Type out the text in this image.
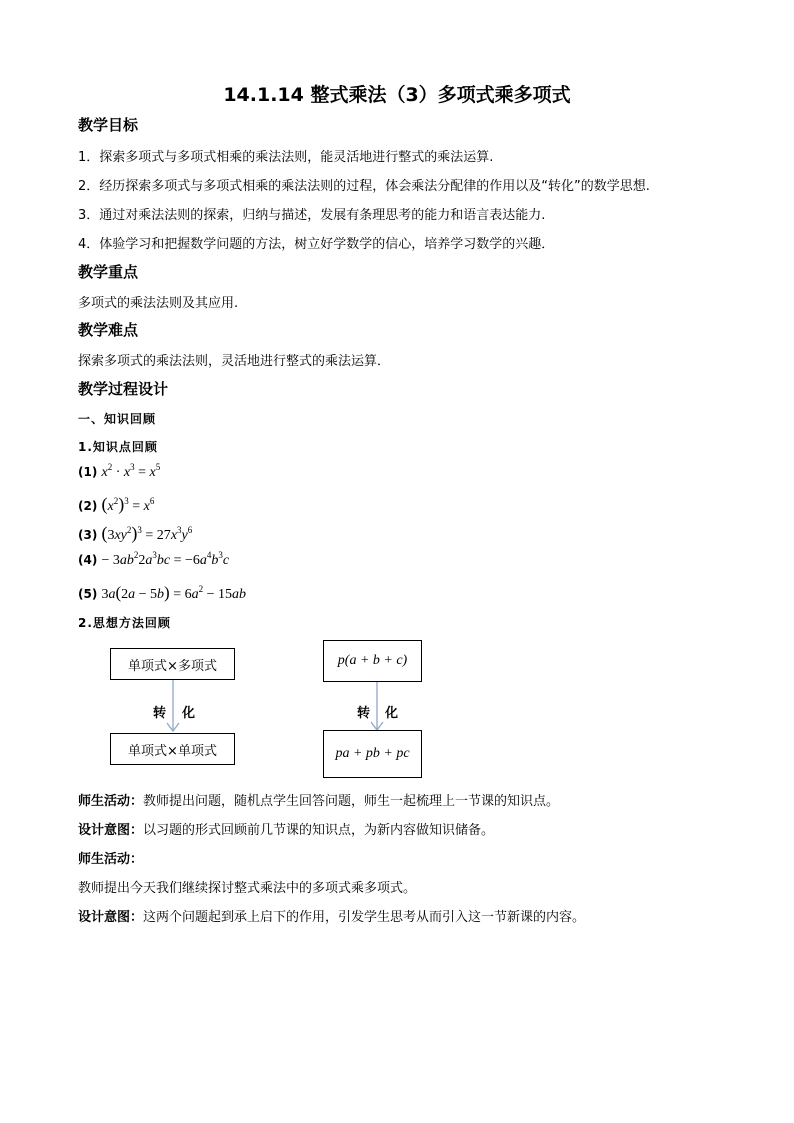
14.1.14 整式乘法（3）多项式乘多项式
教学目标
1．探索多项式与多项式相乘的乘法法则，能灵活地进行整式的乘法运算.
2．经历探索多项式与多项式相乘的乘法法则的过程，体会乘法分配律的作用以及“转化”的数学思想.
3．通过对乘法法则的探索，归纳与描述，发展有条理思考的能力和语言表达能力.
4．体验学习和把握数学问题的方法，树立好学数学的信心，培养学习数学的兴趣．
教学重点
多项式的乘法法则及其应用.
教学难点
探索多项式的乘法法则，灵活地进行整式的乘法运算．
教学过程设计
一、知识回顾
1.知识点回顾
(1) $x^2 \cdot x^3 = x^5$
(2) $(x^2)^3 = x^6$
(3) $(3xy^2)^3 = 27x^3y^6$
$(4) - 3ab^22a^3bc = -6a^4b^3c$
(5) $3a(2a - 5b) = 6a^2 - 15ab$
2.思想方法回顾
单项式×多项式
转 化
单项式×单项式
p(a + b + c)
转 化
pa + pb + pc
师生活动：教师提出问题，随机点学生回答问题，师生一起梳理上一节课的知识点。
设计意图：以习题的形式回顾前几节课的知识点，为新内容做知识储备。
师生活动：
教师提出今天我们继续探讨整式乘法中的多项式乘多项式。
设计意图：这两个问题起到承上启下的作用，引发学生思考从而引入这一节新课的内容。
